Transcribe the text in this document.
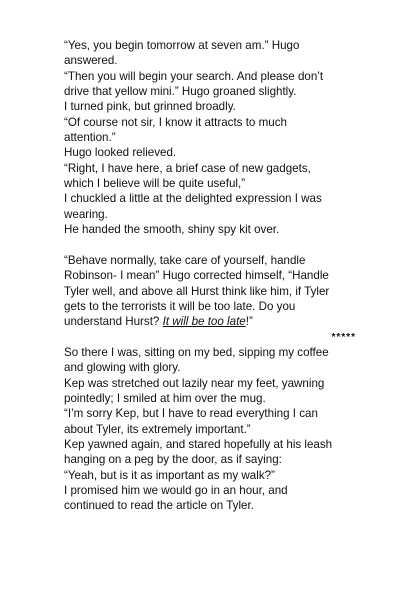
“Yes, you begin tomorrow at seven am.” Hugo
answered.
“Then you will begin your search. And please don’t
drive that yellow mini.” Hugo groaned slightly.
I turned pink, but grinned broadly.
“Of course not sir, I know it attracts to much
attention.”
Hugo looked relieved.
“Right, I have here, a brief case of new gadgets,
which I believe will be quite useful,”
I chuckled a little at the delighted expression I was
wearing.
He handed the smooth, shiny spy kit over.
“Behave normally, take care of yourself, handle
Robinson- I mean” Hugo corrected himself, “Handle
Tyler well, and above all Hurst think like him, if Tyler
gets to the terrorists it will be too late. Do you
understand Hurst? It will be too late!”
*****
So there I was, sitting on my bed, sipping my coffee
and glowing with glory.
Kep was stretched out lazily near my feet, yawning
pointedly; I smiled at him over the mug.
“I’m sorry Kep, but I have to read everything I can
about Tyler, its extremely important.”
Kep yawned again, and stared hopefully at his leash
hanging on a peg by the door, as if saying:
“Yeah, but is it as important as my walk?”
I promised him we would go in an hour, and
continued to read the article on Tyler.
